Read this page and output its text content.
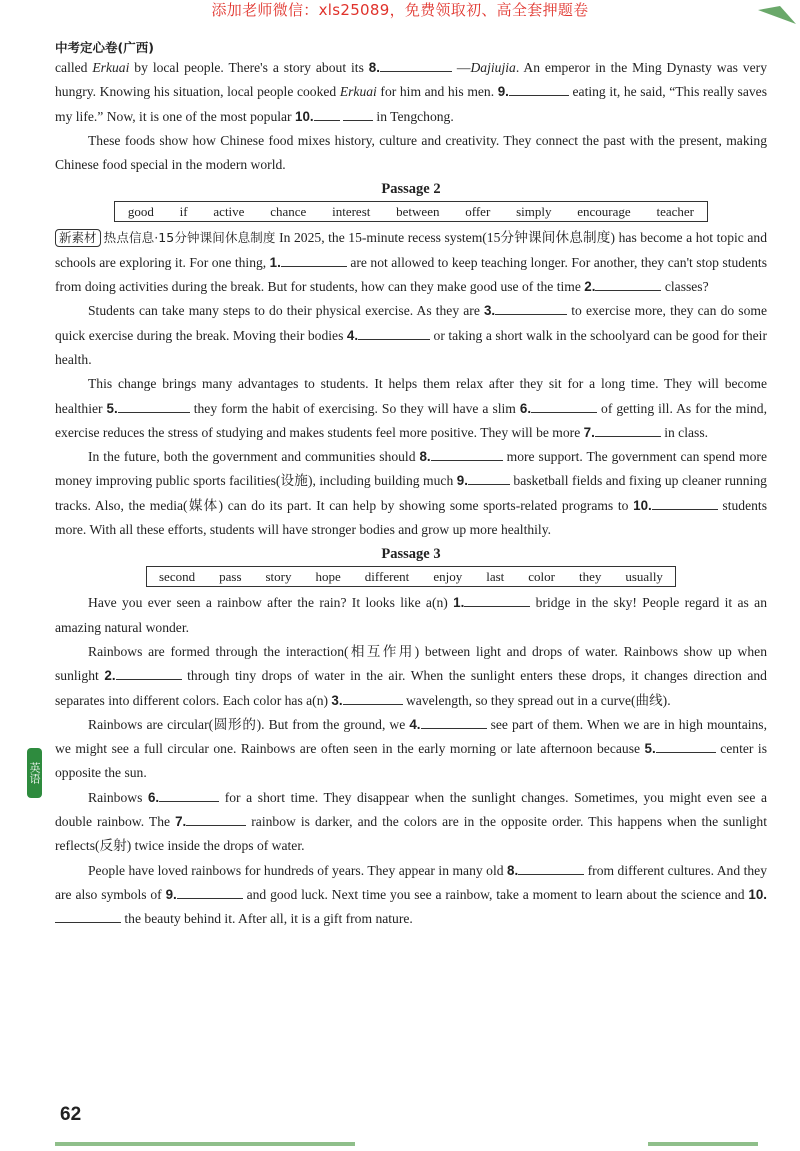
添加老师微信：xls25089，免费领取初、高全套押题卷
中考定心卷(广西)

called Erkuai by local people. There's a story about its 8.	—Dajiujia. An emperor in the Ming Dynasty was very hungry. Knowing his situation, local people cooked Erkuai for him and his men. 9.	eating it, he said, “This really saves my life.” Now, it is one of the most popular 10.	in Tengchong.

These foods show how Chinese food mixes history, culture and creativity. They connect the past with the present, making Chinese food special in the modern world.

Passage 2

good if active chance interest between offer simply encourage teacher

新素材 热点信息·15分钟课间休息制度 In 2025, the 15-minute recess system(15分钟课间休息制度) has become a hot topic and schools are exploring it. For one thing, 1.	are not allowed to keep teaching longer. For another, they can't stop students from doing activities during the break. But for students, how can they make good use of the time 2.	classes?

Students can take many steps to do their physical exercise. As they are 3.	to exercise more, they can do some quick exercise during the break. Moving their bodies 4.	or taking a short walk in the schoolyard can be good for their health.

This change brings many advantages to students. It helps them relax after they sit for a long time. They will become healthier 5.	they form the habit of exercising. So they will have a slim 6.	of getting ill. As for the mind, exercise reduces the stress of studying and makes students feel more positive. They will be more 7.	in class.

In the future, both the government and communities should 8.	more support. The government can spend more money improving public sports facilities(设施), including building much 9.	basketball fields and fixing up cleaner running tracks. Also, the media(媒体) can do its part. It can help by showing some sports-related programs to 10.	students more. With all these efforts, students will have stronger bodies and grow up more healthily.

Passage 3

second pass story hope different enjoy last color they usually

Have you ever seen a rainbow after the rain? It looks like a(n) 1.	bridge in the sky! People regard it as an amazing natural wonder.

Rainbows are formed through the interaction(相互作用) between light and drops of water. Rainbows show up when sunlight 2.	through tiny drops of water in the air. When the sunlight enters these drops, it changes direction and separates into different colors. Each color has a(n) 3.	wavelength, so they spread out in a curve(曲线).

Rainbows are circular(圆形的). But from the ground, we 4.	see part of them. When we are in high mountains, we might see a full circular one. Rainbows are often seen in the early morning or late afternoon because 5.	center is opposite the sun.

Rainbows 6.	for a short time. They disappear when the sunlight changes. Sometimes, you might even see a double rainbow. The 7.	rainbow is darker, and the colors are in the opposite order. This happens when the sunlight reflects(反射) twice inside the drops of water.

People have loved rainbows for hundreds of years. They appear in many old 8.	from different cultures. And they are also symbols of 9.	and good luck. Next time you see a rainbow, take a moment to learn about the science and 10. the beauty behind it. After all, it is a gift from nature.

英语
62
